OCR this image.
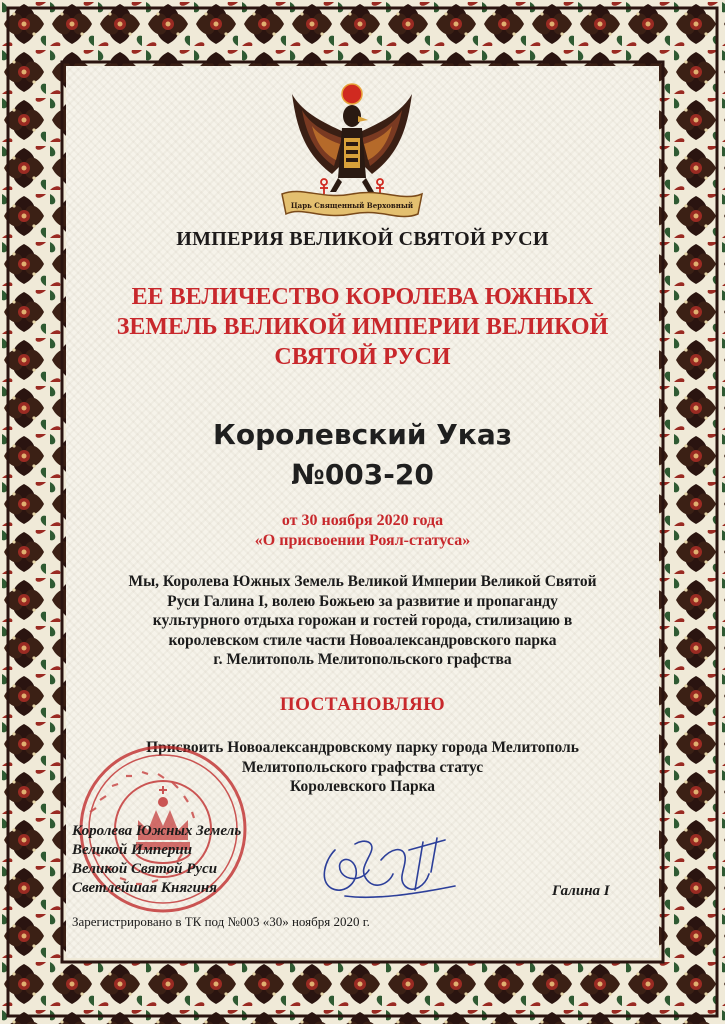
Царь Священный Верховный
ИМПЕРИЯ ВЕЛИКОЙ СВЯТОЙ РУСИ
ЕЕ ВЕЛИЧЕСТВО КОРОЛЕВА ЮЖНЫХ
ЗЕМЕЛЬ ВЕЛИКОЙ ИМПЕРИИ ВЕЛИКОЙ
СВЯТОЙ РУСИ
Королевский Указ
№003-20
от 30 ноября 2020 года
«О присвоении Роял-статуса»
Мы, Королева Южных Земель Великой Империи Великой Святой
Руси Галина I, волею Божьею за развитие и пропаганду
культурного отдыха горожан и гостей города, стилизацию в
королевском стиле части Новоалександровского парка
г. Мелитополь Мелитопольского графства
ПОСТАНОВЛЯЮ
Присвоить Новоалександровскому парку города Мелитополь
Мелитопольского графства статус
Королевского Парка
Королева Южных Земель
Великой Империи
Великой Святой Руси
Светлейшая Княгиня	Галина I
Зарегистрировано в ТК под №003 «30» ноября 2020 г.
